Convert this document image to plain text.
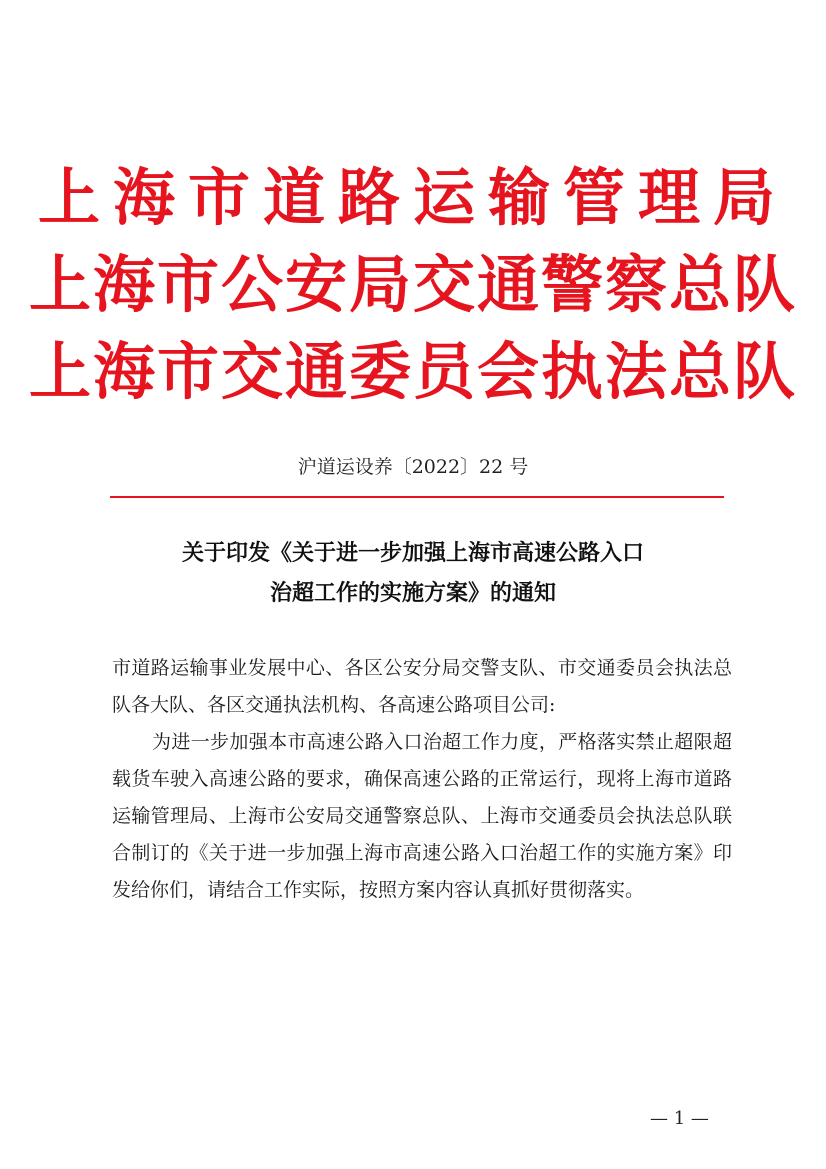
上海市道路运输管理局
上海市公安局交通警察总队
上海市交通委员会执法总队
沪道运设养〔2022〕22 号
关于印发《关于进一步加强上海市高速公路入口
治超工作的实施方案》的通知
市道路运输事业发展中心、各区公安分局交警支队、市交通委员会执法总队各大队、各区交通执法机构、各高速公路项目公司:
为进一步加强本市高速公路入口治超工作力度，严格落实禁止超限超载货车驶入高速公路的要求，确保高速公路的正常运行，现将上海市道路运输管理局、上海市公安局交通警察总队、上海市交通委员会执法总队联合制订的《关于进一步加强上海市高速公路入口治超工作的实施方案》印发给你们，请结合工作实际，按照方案内容认真抓好贯彻落实。
— 1 —
